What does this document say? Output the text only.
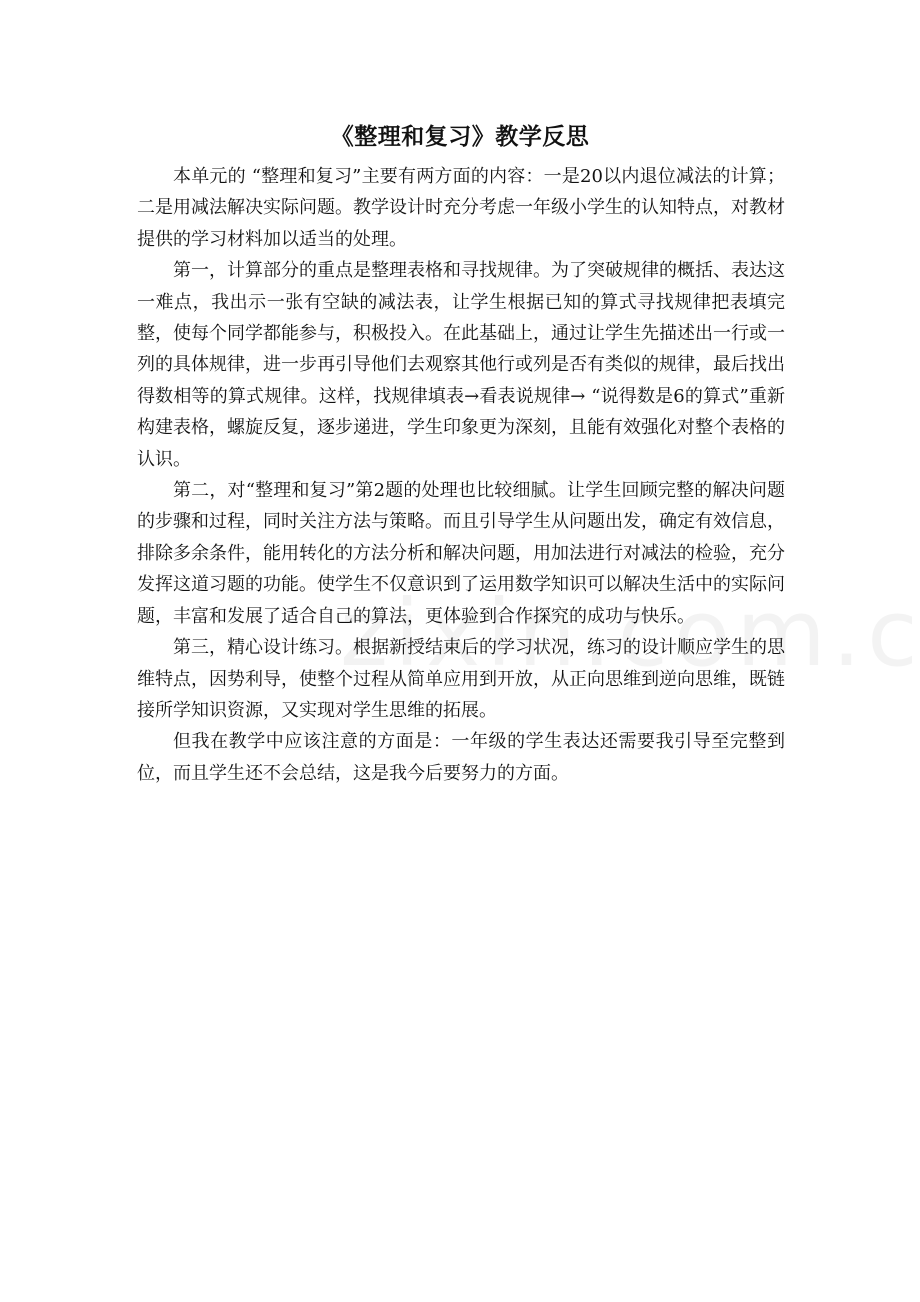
《整理和复习》教学反思

本单元的 “整理和复习”主要有两方面的内容：一是20以内退位减法的计算；二是用减法解决实际问题。教学设计时充分考虑一年级小学生的认知特点，对教材提供的学习材料加以适当的处理。

第一，计算部分的重点是整理表格和寻找规律。为了突破规律的概括、表达这一难点，我出示一张有空缺的减法表，让学生根据已知的算式寻找规律把表填完整，使每个同学都能参与，积极投入。在此基础上，通过让学生先描述出一行或一列的具体规律，进一步再引导他们去观察其他行或列是否有类似的规律，最后找出得数相等的算式规律。这样，找规律填表→看表说规律→ “说得数是6的算式”重新构建表格，螺旋反复，逐步递进，学生印象更为深刻，且能有效强化对整个表格的认识。

第二，对“整理和复习”第2题的处理也比较细腻。让学生回顾完整的解决问题的步骤和过程，同时关注方法与策略。而且引导学生从问题出发，确定有效信息，排除多余条件，能用转化的方法分析和解决问题，用加法进行对减法的检验，充分发挥这道习题的功能。使学生不仅意识到了运用数学知识可以解决生活中的实际问题，丰富和发展了适合自己的算法，更体验到合作探究的成功与快乐。

第三，精心设计练习。根据新授结束后的学习状况，练习的设计顺应学生的思维特点，因势利导，使整个过程从简单应用到开放，从正向思维到逆向思维，既链接所学知识资源，又实现对学生思维的拓展。

但我在教学中应该注意的方面是：一年级的学生表达还需要我引导至完整到位，而且学生还不会总结，这是我今后要努力的方面。
